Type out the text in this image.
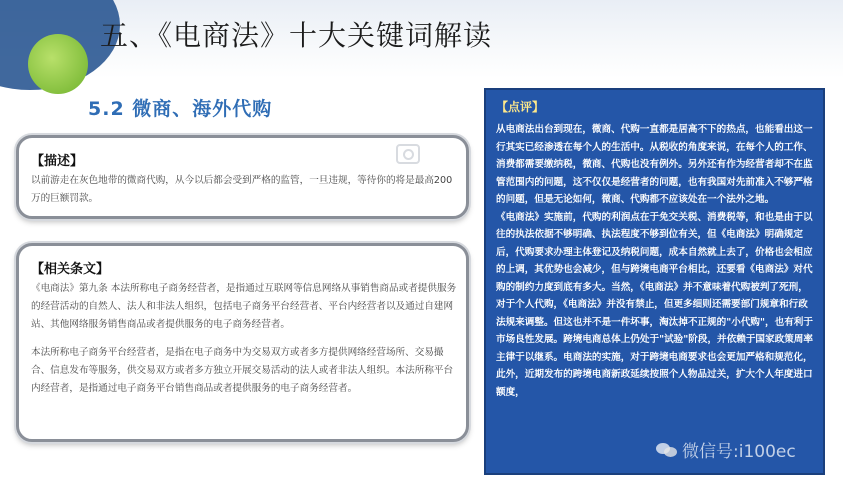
五、《电商法》十大关键词解读
5.2 微商、海外代购
【描述】

以前游走在灰色地带的微商代购，从今以后都会受到严格的监管，一旦违规，等待你的将是最高200万的巨额罚款。

【相关条文】

《电商法》第九条 本法所称电子商务经营者，是指通过互联网等信息网络从事销售商品或者提供服务的经营活动的自然人、法人和非法人组织，包括电子商务平台经营者、平台内经营者以及通过自建网站、其他网络服务销售商品或者提供服务的电子商务经营者。

本法所称电子商务平台经营者，是指在电子商务中为交易双方或者多方提供网络经营场所、交易撮合、信息发布等服务，供交易双方或者多方独立开展交易活动的法人或者非法人组织。本法所称平台内经营者，是指通过电子商务平台销售商品或者提供服务的电子商务经营者。

【点评】

从电商法出台到现在，微商、代购一直都是居高不下的热点，也能看出这一行其实已经渗透在每个人的生活中。从税收的角度来说，在每个人的工作、消费都需要缴纳税，微商、代购也没有例外。另外还有作为经营者却不在监管范围内的问题，这不仅仅是经营者的问题，也有我国对先前准入不够严格的问题，但是无论如何，微商、代购都不应该处在一个法外之地。

《电商法》实施前，代购的利润点在于免交关税、消费税等，和也是由于以往的执法依据不够明确、执法程度不够到位有关，但《电商法》明确规定后，代购要求办理主体登记及纳税问题，成本自然就上去了，价格也会相应的上调，其优势也会减少，但与跨境电商平台相比，还要看《电商法》对代购的制约力度到底有多大。当然，《电商法》并不意味着代购被判了死刑，对于个人代购，《电商法》并没有禁止，但更多细则还需要部门规章和行政法规来调整。但这也并不是一件坏事，淘汰掉不正规的"小代购"，也有利于市场良性发展。跨境电商总体上仍处于"试验"阶段，并依赖于国家政策周率主律于以继系。电商法的实施，对于跨境电商要求也会更加严格和规范化，此外，近期发布的跨境电商新政延续按照个人物品过关，扩大个人年度进口额度，

微信号:i100ec
